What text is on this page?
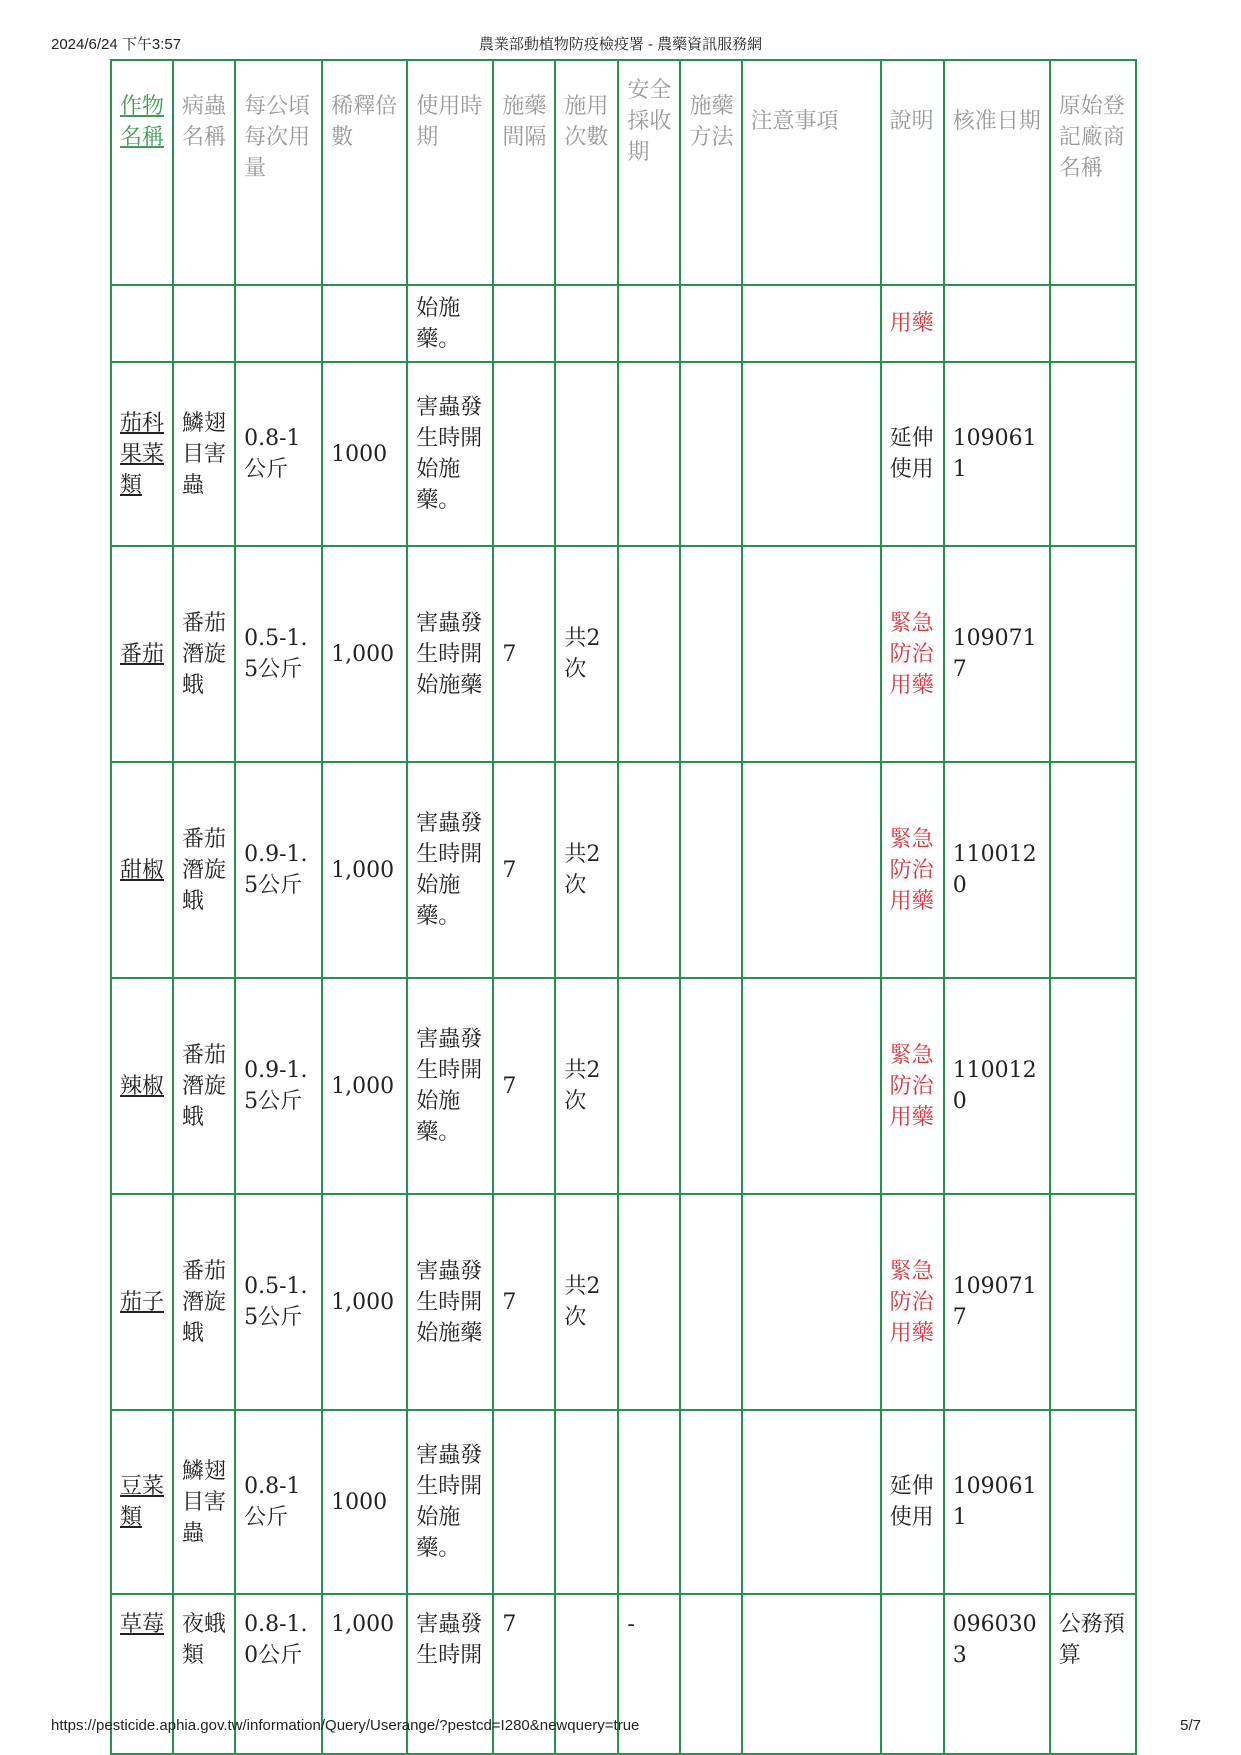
2024/6/24 下午3:57	農業部動植物防疫檢疫署 - 農藥資訊服務網
作物名稱	病蟲名稱	每公頃每次用量	稀釋倍數	使用時期	施藥間隔	施用次數	安全採收期	施藥方法	注意事項	說明	核准日期	原始登記廠商名稱
				始施藥。						用藥		
茄科果菜類	鱗翅目害蟲	0.8-1公斤	1000	害蟲發生時開始施藥。						延伸使用	1090611	
番茄	番茄潛旋蛾	0.5-1.5公斤	1,000	害蟲發生時開始施藥	7	共2次				緊急防治用藥	1090717	
甜椒	番茄潛旋蛾	0.9-1.5公斤	1,000	害蟲發生時開始施藥。	7	共2次				緊急防治用藥	1100120	
辣椒	番茄潛旋蛾	0.9-1.5公斤	1,000	害蟲發生時開始施藥。	7	共2次				緊急防治用藥	1100120	
茄子	番茄潛旋蛾	0.5-1.5公斤	1,000	害蟲發生時開始施藥	7	共2次				緊急防治用藥	1090717	
豆菜類	鱗翅目害蟲	0.8-1公斤	1000	害蟲發生時開始施藥。						延伸使用	1090611	
草莓	夜蛾類	0.8-1.0公斤	1,000	害蟲發生時開	7		-				0960303	公務預算
https://pesticide.aphia.gov.tw/information/Query/Userange/?pestcd=I280&newquery=true	5/7
